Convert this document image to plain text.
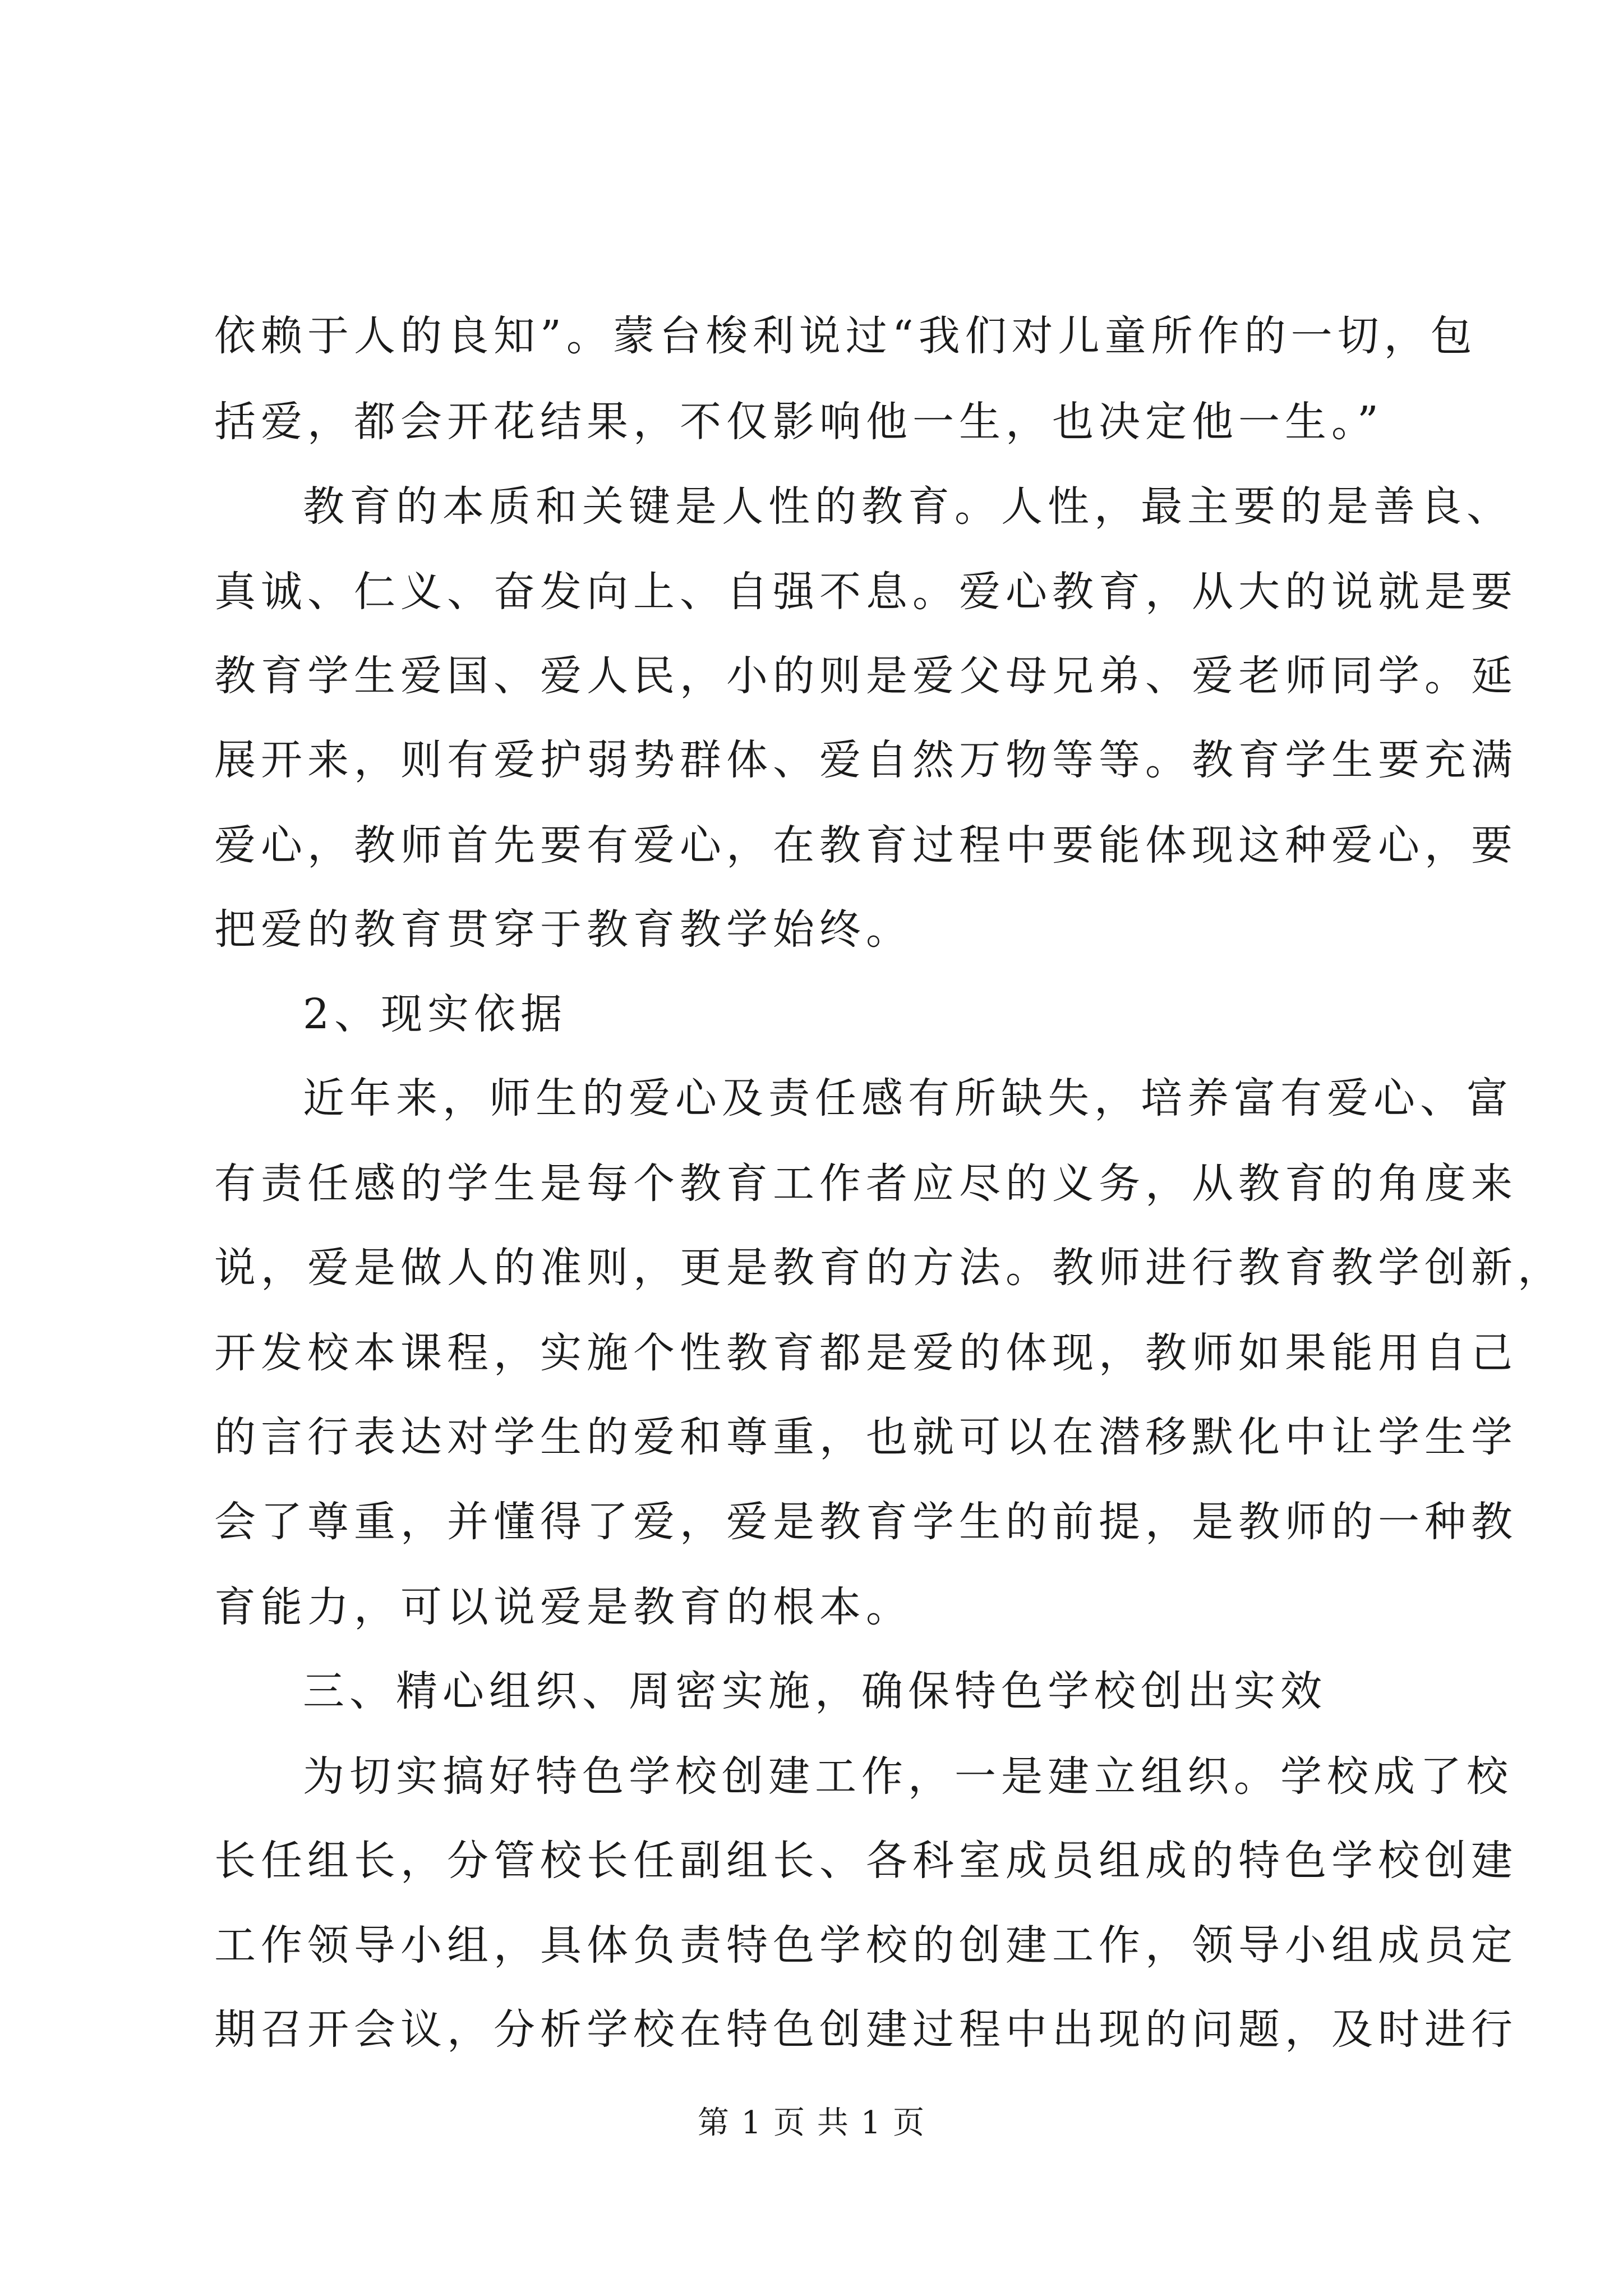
依赖于人的良知”。蒙台梭利说过“我们对儿童所作的一切，包
括爱，都会开花结果，不仅影响他一生，也决定他一生。”
教育的本质和关键是人性的教育。人性，最主要的是善良、
真诚、仁义、奋发向上、自强不息。爱心教育，从大的说就是要
教育学生爱国、爱人民，小的则是爱父母兄弟、爱老师同学。延
展开来，则有爱护弱势群体、爱自然万物等等。教育学生要充满
爱心，教师首先要有爱心，在教育过程中要能体现这种爱心，要
把爱的教育贯穿于教育教学始终。
2、现实依据
近年来，师生的爱心及责任感有所缺失，培养富有爱心、富
有责任感的学生是每个教育工作者应尽的义务，从教育的角度来
说，爱是做人的准则，更是教育的方法。教师进行教育教学创新，
开发校本课程，实施个性教育都是爱的体现，教师如果能用自己
的言行表达对学生的爱和尊重，也就可以在潜移默化中让学生学
会了尊重，并懂得了爱，爱是教育学生的前提，是教师的一种教
育能力，可以说爱是教育的根本。
三、精心组织、周密实施，确保特色学校创出实效
为切实搞好特色学校创建工作，一是建立组织。学校成了校
长任组长，分管校长任副组长、各科室成员组成的特色学校创建
工作领导小组，具体负责特色学校的创建工作，领导小组成员定
期召开会议，分析学校在特色创建过程中出现的问题，及时进行
第 1 页 共 1 页
